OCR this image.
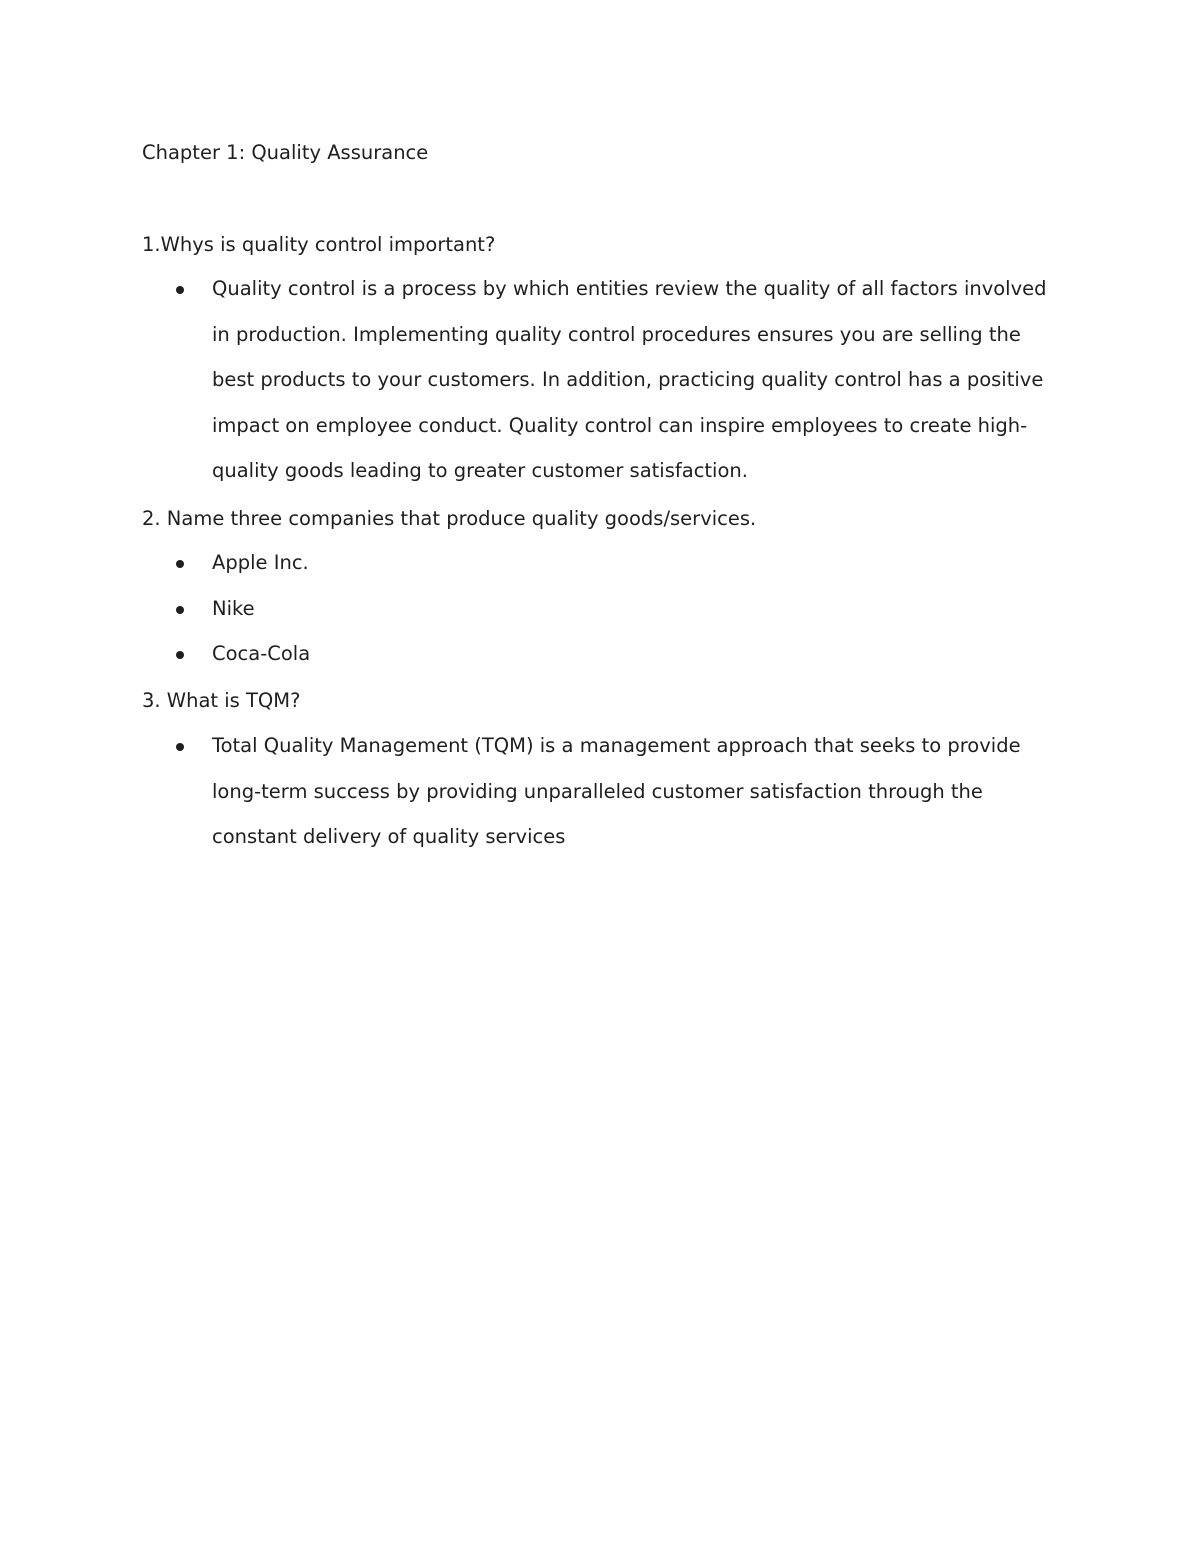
Chapter 1: Quality Assurance
1.Whys is quality control important?
Quality control is a process by which entities review the quality of all factors involved
in production. Implementing quality control procedures ensures you are selling the
best products to your customers. In addition, practicing quality control has a positive
impact on employee conduct. Quality control can inspire employees to create high-
quality goods leading to greater customer satisfaction.
2. Name three companies that produce quality goods/services.
Apple Inc.
Nike
Coca-Cola
3. What is TQM?
Total Quality Management (TQM) is a management approach that seeks to provide
long-term success by providing unparalleled customer satisfaction through the
constant delivery of quality services
